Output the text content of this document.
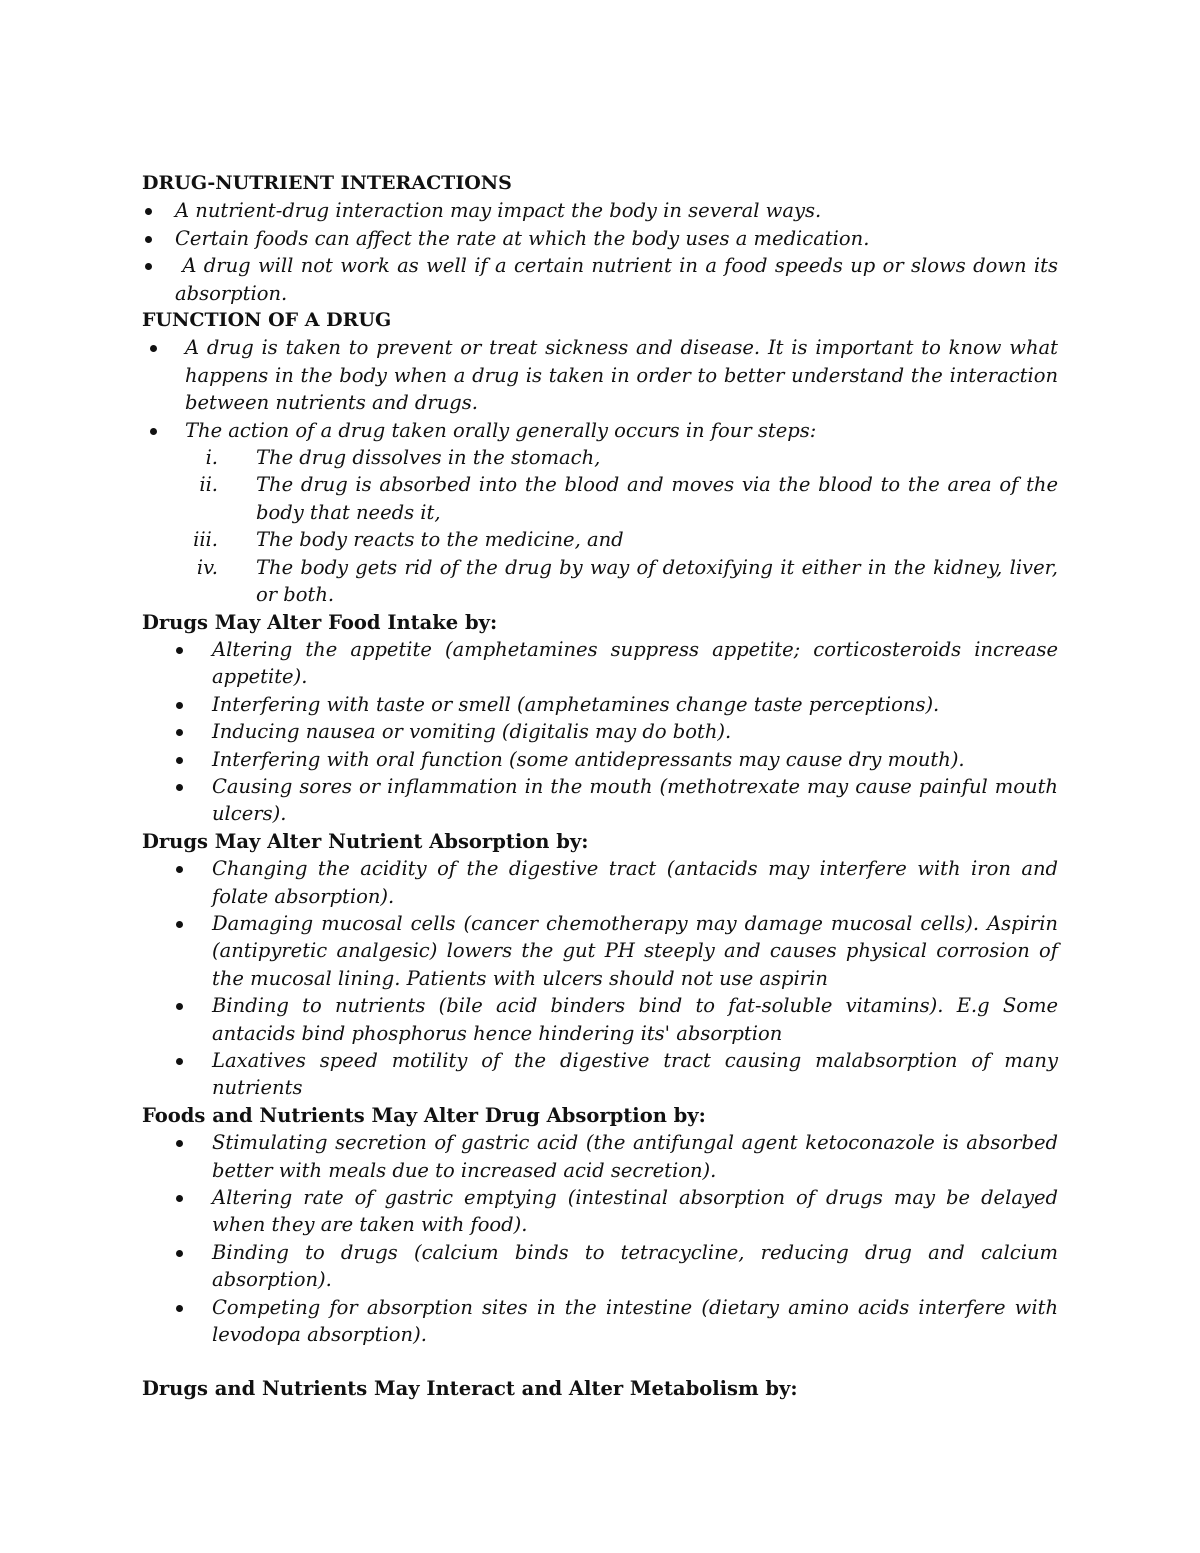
DRUG-NUTRIENT INTERACTIONS

A nutrient-drug interaction may impact the body in several ways.
Certain foods can affect the rate at which the body uses a medication.
A drug will not work as well if a certain nutrient in a food speeds up or slows down its absorption.

FUNCTION OF A DRUG

A drug is taken to prevent or treat sickness and disease. It is important to know what happens in the body when a drug is taken in order to better understand the interaction between nutrients and drugs.
The action of a drug taken orally generally occurs in four steps:
i. The drug dissolves in the stomach,
ii. The drug is absorbed into the blood and moves via the blood to the area of the body that needs it,
iii. The body reacts to the medicine, and
iv. The body gets rid of the drug by way of detoxifying it either in the kidney, liver, or both.

Drugs May Alter Food Intake by:

Altering the appetite (amphetamines suppress appetite; corticosteroids increase appetite).
Interfering with taste or smell (amphetamines change taste perceptions).
Inducing nausea or vomiting (digitalis may do both).
Interfering with oral function (some antidepressants may cause dry mouth).
Causing sores or inflammation in the mouth (methotrexate may cause painful mouth ulcers).

Drugs May Alter Nutrient Absorption by:

Changing the acidity of the digestive tract (antacids may interfere with iron and folate absorption).
Damaging mucosal cells (cancer chemotherapy may damage mucosal cells). Aspirin (antipyretic analgesic) lowers the gut PH steeply and causes physical corrosion of the mucosal lining. Patients with ulcers should not use aspirin
Binding to nutrients (bile acid binders bind to fat-soluble vitamins). E.g Some antacids bind phosphorus hence hindering its' absorption
Laxatives speed motility of the digestive tract causing malabsorption of many nutrients

Foods and Nutrients May Alter Drug Absorption by:

Stimulating secretion of gastric acid (the antifungal agent ketoconazole is absorbed better with meals due to increased acid secretion).
Altering rate of gastric emptying (intestinal absorption of drugs may be delayed when they are taken with food).
Binding to drugs (calcium binds to tetracycline, reducing drug and calcium absorption).
Competing for absorption sites in the intestine (dietary amino acids interfere with levodopa absorption).

Drugs and Nutrients May Interact and Alter Metabolism by:
